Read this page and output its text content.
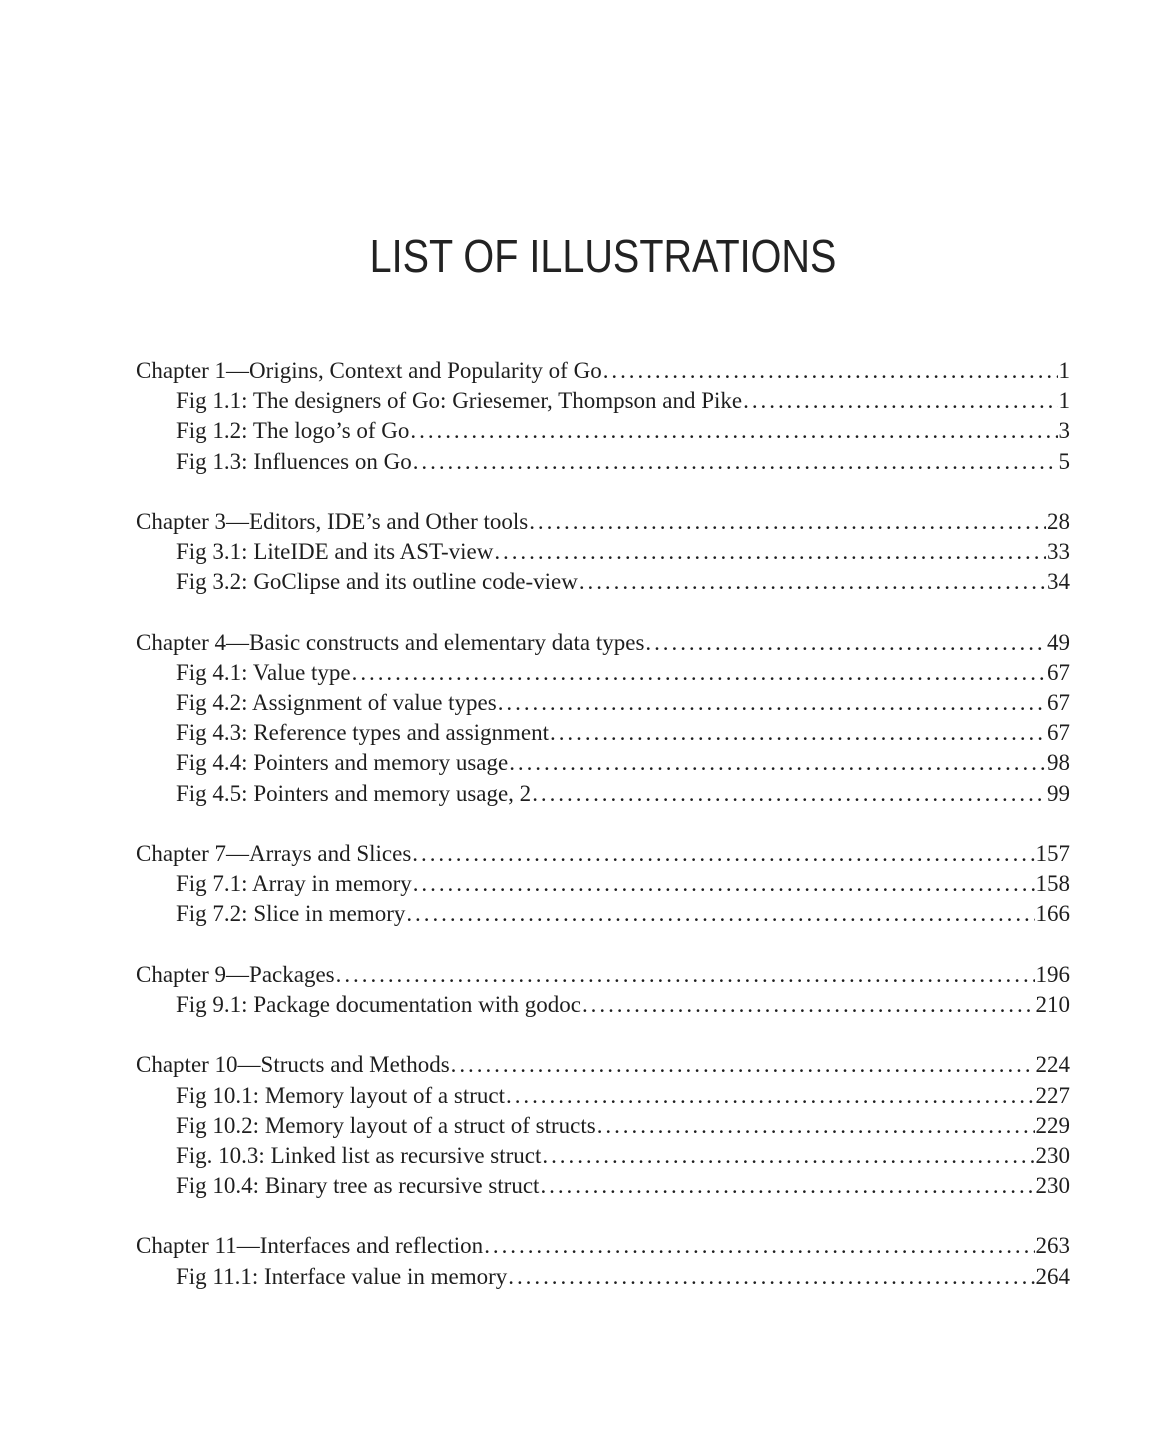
LIST OF ILLUSTRATIONS
Chapter 1—Origins, Context and Popularity of Go . . .	1
Fig 1.1: The designers of Go: Griesemer, Thompson and Pike . . .	1
Fig 1.2: The logo’s of Go . . .	3
Fig 1.3: Influences on Go . . .	5
Chapter 3—Editors, IDE’s and Other tools . . .	28
Fig 3.1: LiteIDE and its AST-view . . .	33
Fig 3.2: GoClipse and its outline code-view . . .	34
Chapter 4—Basic constructs and elementary data types . . .	49
Fig 4.1: Value type . . .	67
Fig 4.2: Assignment of value types . . .	67
Fig 4.3: Reference types and assignment . . .	67
Fig 4.4: Pointers and memory usage . . .	98
Fig 4.5: Pointers and memory usage, 2 . . .	99
Chapter 7—Arrays and Slices . . .	157
Fig 7.1: Array in memory . . .	158
Fig 7.2: Slice in memory . . .	166
Chapter 9—Packages . . .	196
Fig 9.1: Package documentation with godoc . . .	210
Chapter 10—Structs and Methods . . .	224
Fig 10.1: Memory layout of a struct . . .	227
Fig 10.2: Memory layout of a struct of structs . . .	229
Fig. 10.3: Linked list as recursive struct . . .	230
Fig 10.4: Binary tree as recursive struct . . .	230
Chapter 11—Interfaces and reflection . . .	263
Fig 11.1: Interface value in memory . . .	264
